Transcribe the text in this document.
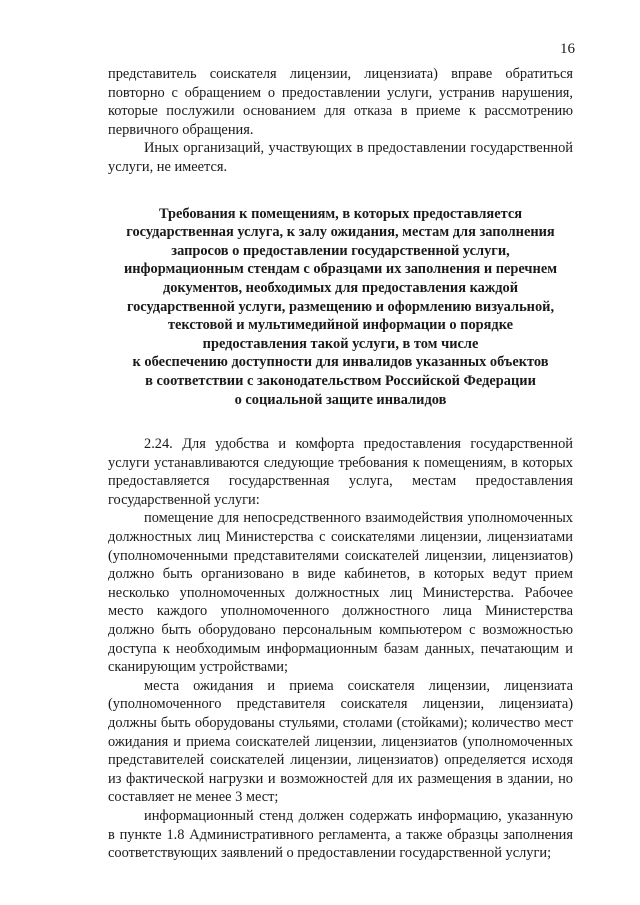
16

представитель соискателя лицензии, лицензиата) вправе обратиться повторно с обращением о предоставлении услуги, устранив нарушения, которые послужили основанием для отказа в приеме к рассмотрению первичного обращения.

Иных организаций, участвующих в предоставлении государственной услуги, не имеется.

Требования к помещениям, в которых предоставляется
государственная услуга, к залу ожидания, местам для заполнения
запросов о предоставлении государственной услуги,
информационным стендам с образцами их заполнения и перечнем
документов, необходимых для предоставления каждой
государственной услуги, размещению и оформлению визуальной,
текстовой и мультимедийной информации о порядке
предоставления такой услуги, в том числе
к обеспечению доступности для инвалидов указанных объектов
в соответствии с законодательством Российской Федерации
о социальной защите инвалидов

2.24. Для удобства и комфорта предоставления государственной услуги устанавливаются следующие требования к помещениям, в которых предоставляется государственная услуга, местам предоставления государственной услуги:

помещение для непосредственного взаимодействия уполномоченных должностных лиц Министерства с соискателями лицензии, лицензиатами (уполномоченными представителями соискателей лицензии, лицензиатов) должно быть организовано в виде кабинетов, в которых ведут прием несколько уполномоченных должностных лиц Министерства. Рабочее место каждого уполномоченного должностного лица Министерства должно быть оборудовано персональным компьютером с возможностью доступа к необходимым информационным базам данных, печатающим и сканирующим устройствами;

места ожидания и приема соискателя лицензии, лицензиата (уполномоченного представителя соискателя лицензии, лицензиата) должны быть оборудованы стульями, столами (стойками); количество мест ожидания и приема соискателей лицензии, лицензиатов (уполномоченных представителей соискателей лицензии, лицензиатов) определяется исходя из фактической нагрузки и возможностей для их размещения в здании, но составляет не менее 3 мест;

информационный стенд должен содержать информацию, указанную в пункте 1.8 Административного регламента, а также образцы заполнения соответствующих заявлений о предоставлении государственной услуги;
